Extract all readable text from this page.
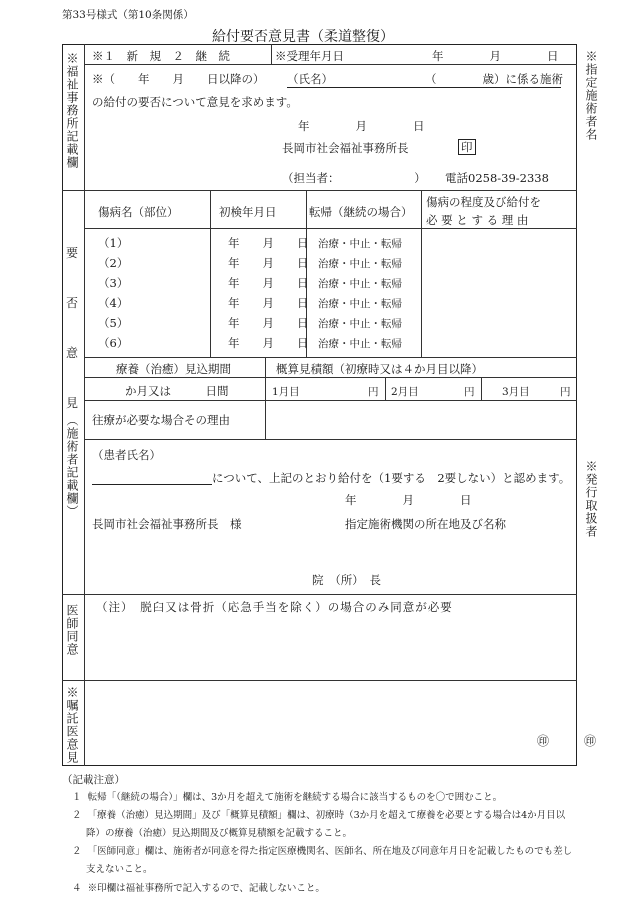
第33号様式（第10条関係）
給付要否意見書（柔道整復）
※福祉事務所記載欄
要
否
意
見
（施術者記載欄）
医師同意
※嘱託医意見
※指定施術者名
※発行取扱者
㊞
※１　新　規　２　継　続	※受理年月日	年　　　　月　　　　日
※（　　年　　月　　日以降の） （氏名）	（　　　　歳）に係る施術
の給付の要否について意見を求めます。
年　　　　月　　　　日
長岡市社会福祉事務所長	印
（担当者：　　　　　　　） 電話0258-39-2338
傷病名（部位）	初検年月日	転帰（継続の場合）
傷病の程度及び給付を
必 要 と す る 理 由
（1）	年　　月　　日 治療・中止・転帰
（2）	年　　月　　日 治療・中止・転帰
（3）	年　　月　　日 治療・中止・転帰
（4）	年　　月　　日 治療・中止・転帰
（5）	年　　月　　日 治療・中止・転帰
（6）	年　　月　　日 治療・中止・転帰
療養（治癒）見込期間	概算見積額（初療時又は４か月目以降）
か月又は　　　日間	1月目	円 2月目	円	3月目	円
往療が必要な場合その理由
（患者氏名）
について、上記のとおり給付を（1要する　2要しない）と認めます。
年　　　　月　　　　日
長岡市社会福祉事務所長　様	指定施術機関の所在地及び名称
院　（所）　長
（注）　脱臼又は骨折（応急手当を除く）の場合のみ同意が必要
㊞
（記載注意）
１ 転帰「（継続の場合）」欄は、3か月を超えて施術を継続する場合に該当するものを〇で囲むこと。
２ 「療養（治癒）見込期間」及び「概算見積額」欄は、初療時（3か月を超えて療養を必要とする場合は4か月目以
降）の療養（治癒）見込期間及び概算見積額を記載すること。
２ 「医師同意」欄は、施術者が同意を得た指定医療機関名、医師名、所在地及び同意年月日を記載したものでも差し
支えないこと。
４ ※印欄は福祉事務所で記入するので、記載しないこと。
